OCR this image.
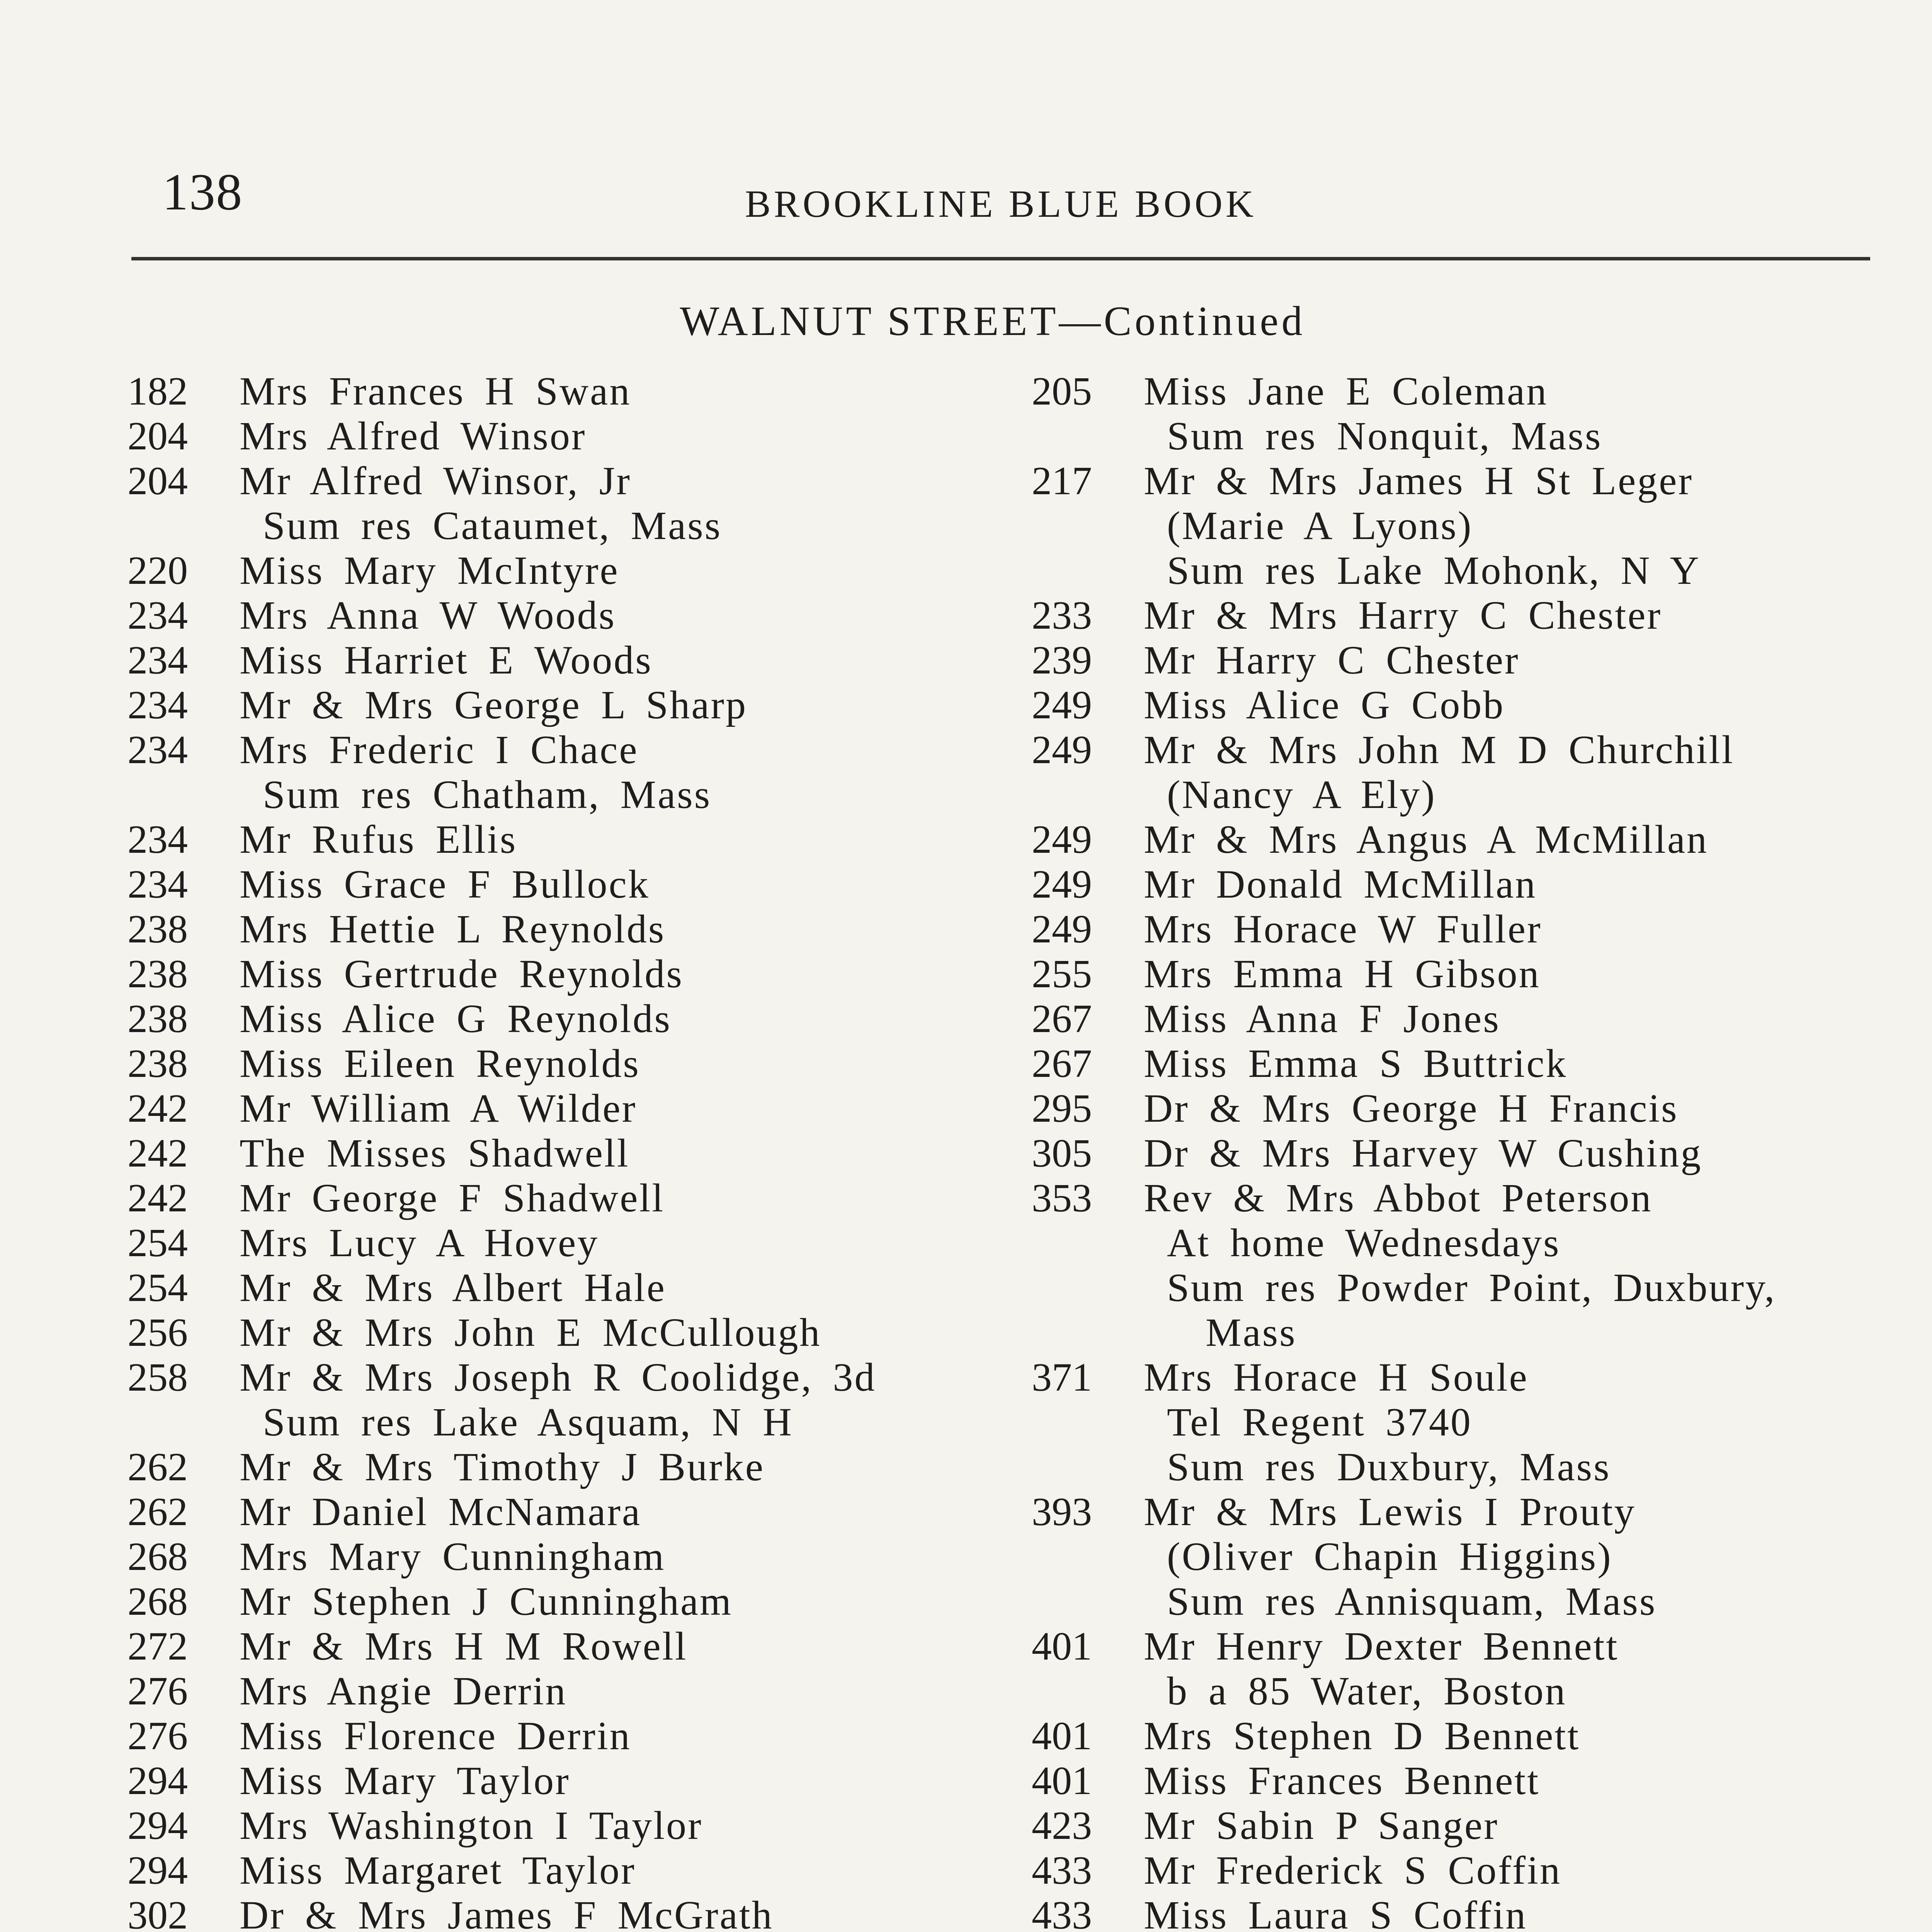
138	BROOKLINE BLUE BOOK
WALNUT STREET—Continued
182	Mrs Frances H Swan
204	Mrs Alfred Winsor
204	Mr Alfred Winsor, Jr
Sum res Cataumet, Mass
220	Miss Mary McIntyre
234	Mrs Anna W Woods
234	Miss Harriet E Woods
234	Mr & Mrs George L Sharp
234	Mrs Frederic I Chace
Sum res Chatham, Mass
234	Mr Rufus Ellis
234	Miss Grace F Bullock
238	Mrs Hettie L Reynolds
238	Miss Gertrude Reynolds
238	Miss Alice G Reynolds
238	Miss Eileen Reynolds
242	Mr William A Wilder
242	The Misses Shadwell
242	Mr George F Shadwell
254	Mrs Lucy A Hovey
254	Mr & Mrs Albert Hale
256	Mr & Mrs John E McCullough
258	Mr & Mrs Joseph R Coolidge, 3d
Sum res Lake Asquam, N H
262	Mr & Mrs Timothy J Burke
262	Mr Daniel McNamara
268	Mrs Mary Cunningham
268	Mr Stephen J Cunningham
272	Mr & Mrs H M Rowell
276	Mrs Angie Derrin
276	Miss Florence Derrin
294	Miss Mary Taylor
294	Mrs Washington I Taylor
294	Miss Margaret Taylor
302	Dr & Mrs James F McGrath
205	Miss Jane E Coleman
Sum res Nonquit, Mass
217	Mr & Mrs James H St Leger
(Marie A Lyons)
Sum res Lake Mohonk, N Y
233	Mr & Mrs Harry C Chester
239	Mr Harry C Chester
249	Miss Alice G Cobb
249	Mr & Mrs John M D Churchill
(Nancy A Ely)
249	Mr & Mrs Angus A McMillan
249	Mr Donald McMillan
249	Mrs Horace W Fuller
255	Mrs Emma H Gibson
267	Miss Anna F Jones
267	Miss Emma S Buttrick
295	Dr & Mrs George H Francis
305	Dr & Mrs Harvey W Cushing
353	Rev & Mrs Abbot Peterson
At home Wednesdays
Sum res Powder Point, Duxbury,
Mass
371	Mrs Horace H Soule
Tel Regent 3740
Sum res Duxbury, Mass
393	Mr & Mrs Lewis I Prouty
(Oliver Chapin Higgins)
Sum res Annisquam, Mass
401	Mr Henry Dexter Bennett
b a 85 Water, Boston
401	Mrs Stephen D Bennett
401	Miss Frances Bennett
423	Mr Sabin P Sanger
433	Mr Frederick S Coffin
433	Miss Laura S Coffin
